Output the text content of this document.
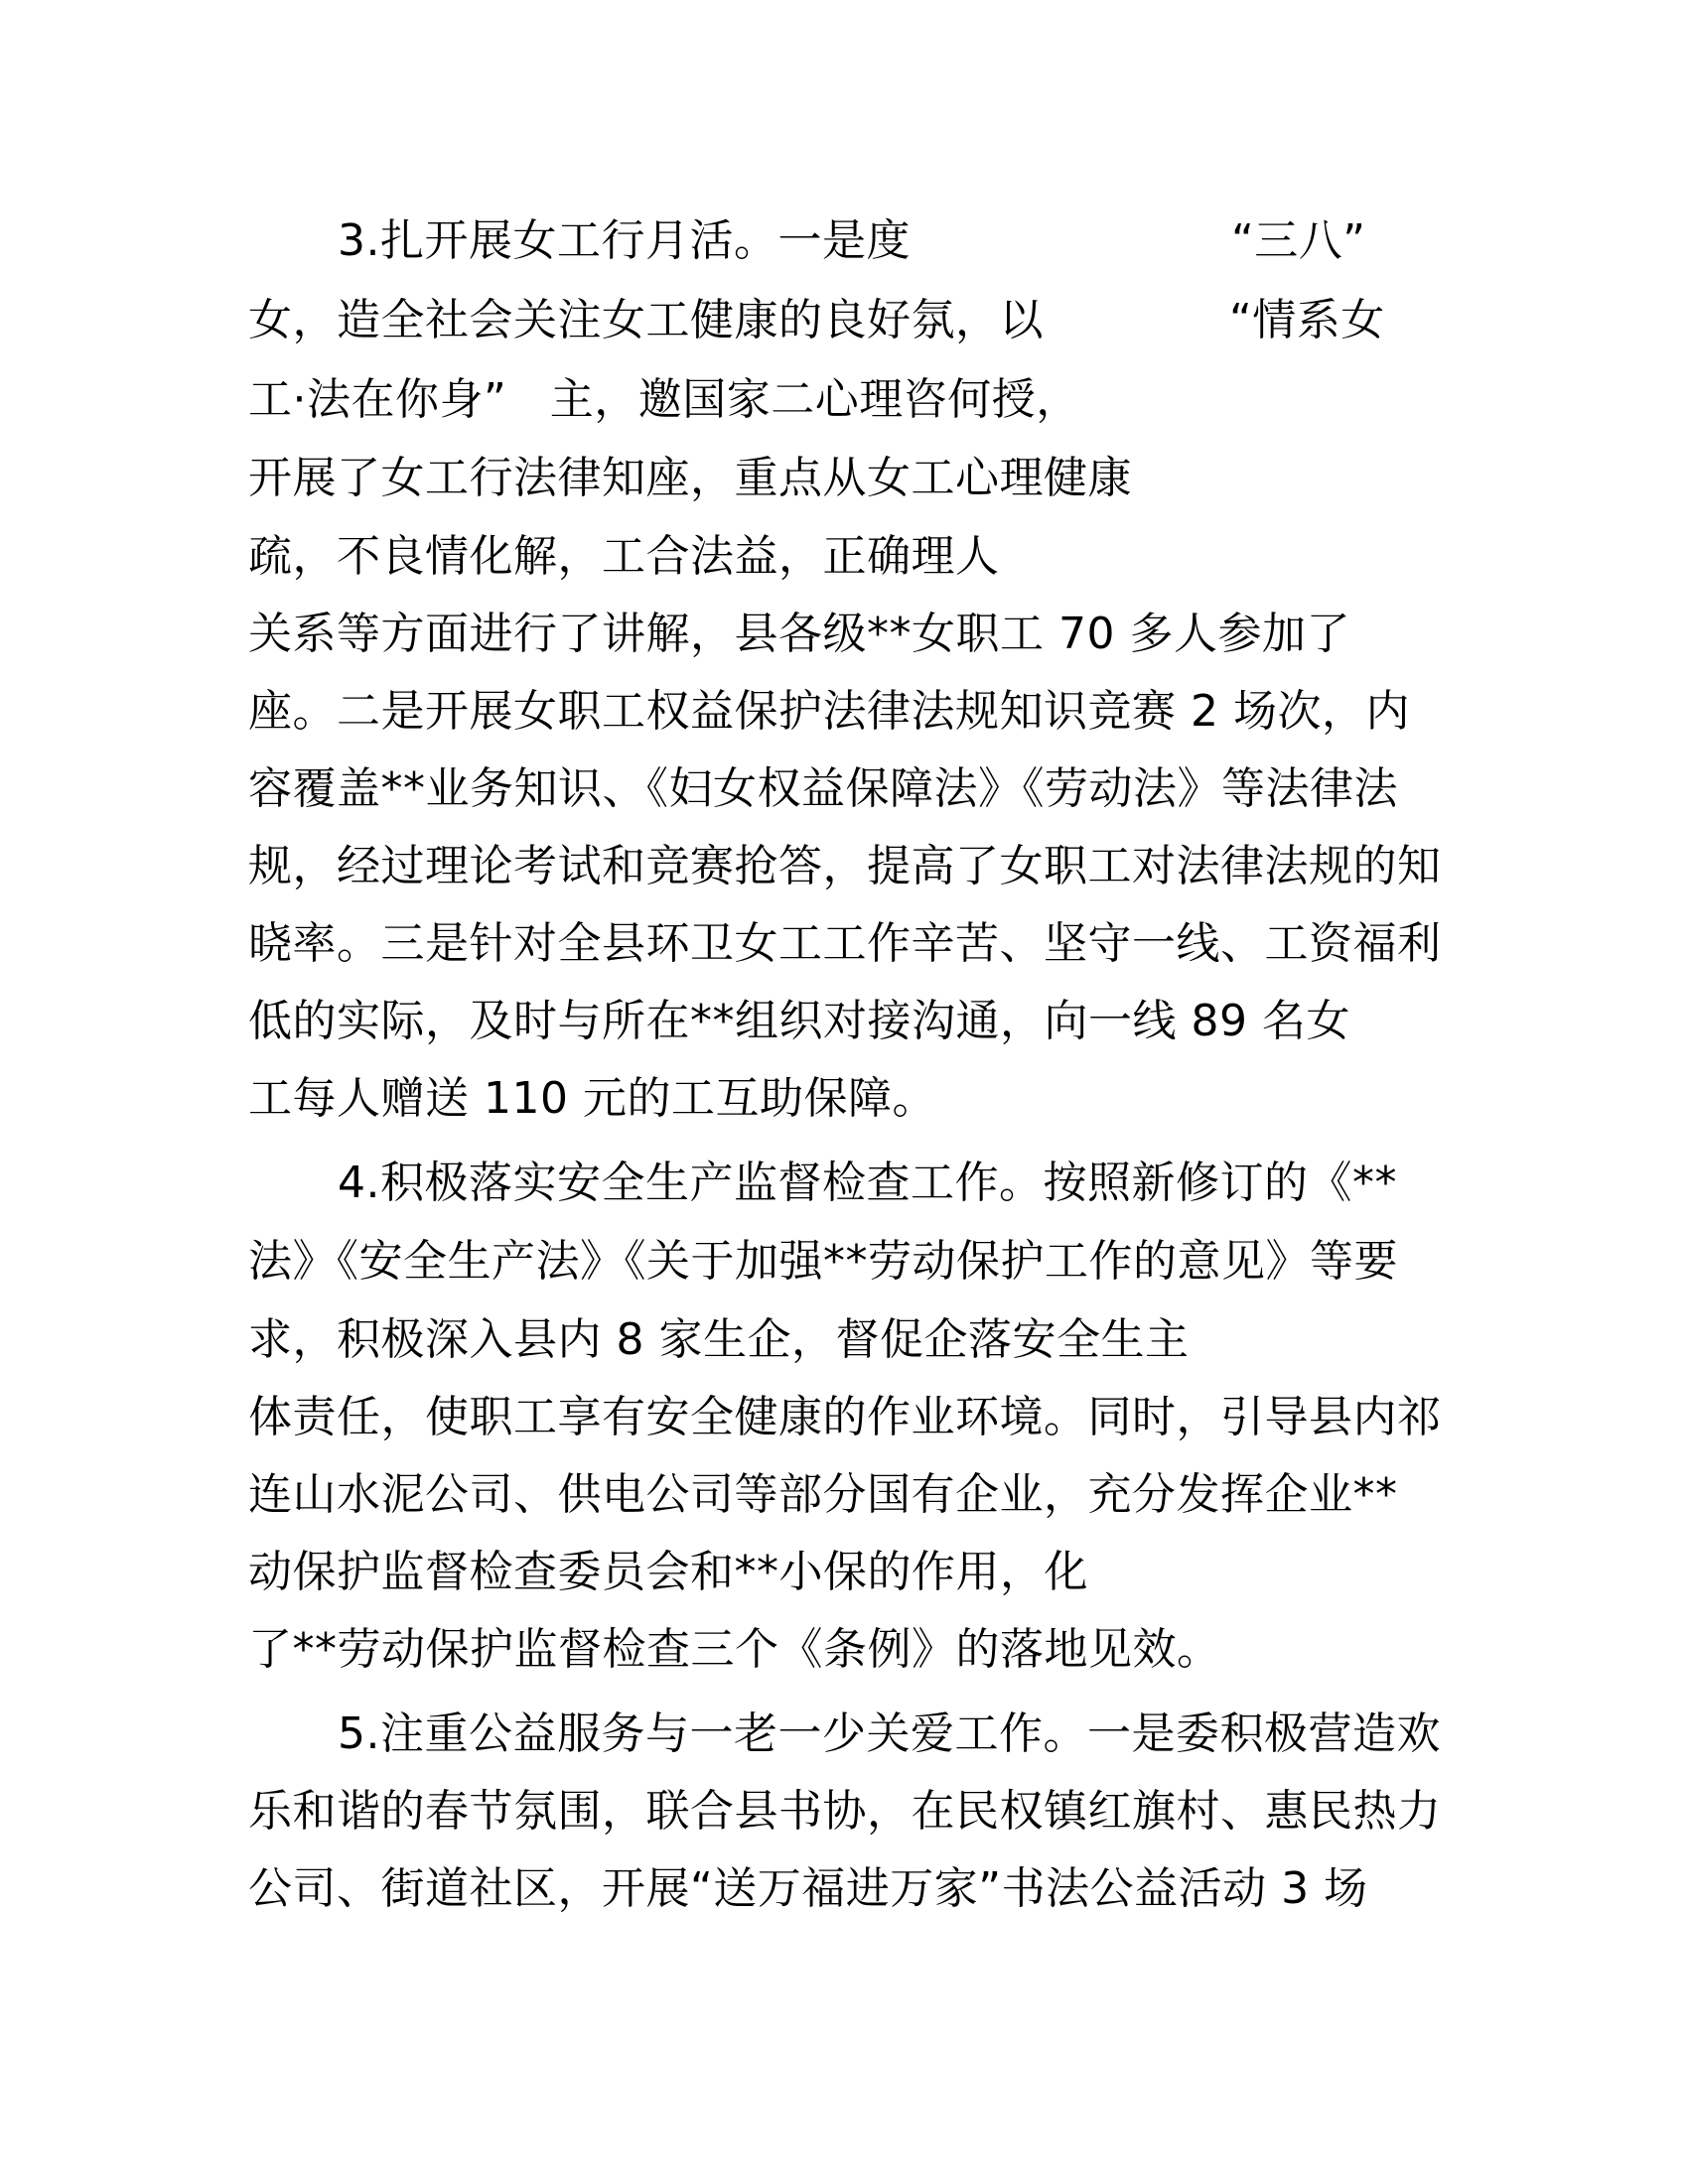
3.扎开展女工行月活。一是度	“三八”
女，造全社会关注女工健康的良好氛，以	“情系女
工·法在你身”   主，邀国家二心理咨何授，
开展了女工行法律知座，重点从女工心理健康
疏，不良情化解，工合法益，正确理人
关系等方面进行了讲解，县各级**女职工 70 多人参加了
座。二是开展女职工权益保护法律法规知识竞赛 2 场次，内
容覆盖**业务知识、《妇女权益保障法》《劳动法》等法律法
规，经过理论考试和竞赛抢答，提高了女职工对法律法规的知
晓率。三是针对全县环卫女工工作辛苦、坚守一线、工资福利
低的实际，及时与所在**组织对接沟通，向一线 89 名女
工每人赠送 110 元的工互助保障。
4.积极落实安全生产监督检查工作。按照新修订的《**
法》《安全生产法》《关于加强**劳动保护工作的意见》等要
求，积极深入县内 8 家生企，督促企落安全生主
体责任，使职工享有安全健康的作业环境。同时，引导县内祁
连山水泥公司、供电公司等部分国有企业，充分发挥企业**
动保护监督检查委员会和**小保的作用，化
了**劳动保护监督检查三个《条例》的落地见效。
5.注重公益服务与一老一少关爱工作。一是委积极营造欢
乐和谐的春节氛围，联合县书协，在民权镇红旗村、惠民热力
公司、街道社区，开展“送万福进万家”书法公益活动 3 场
